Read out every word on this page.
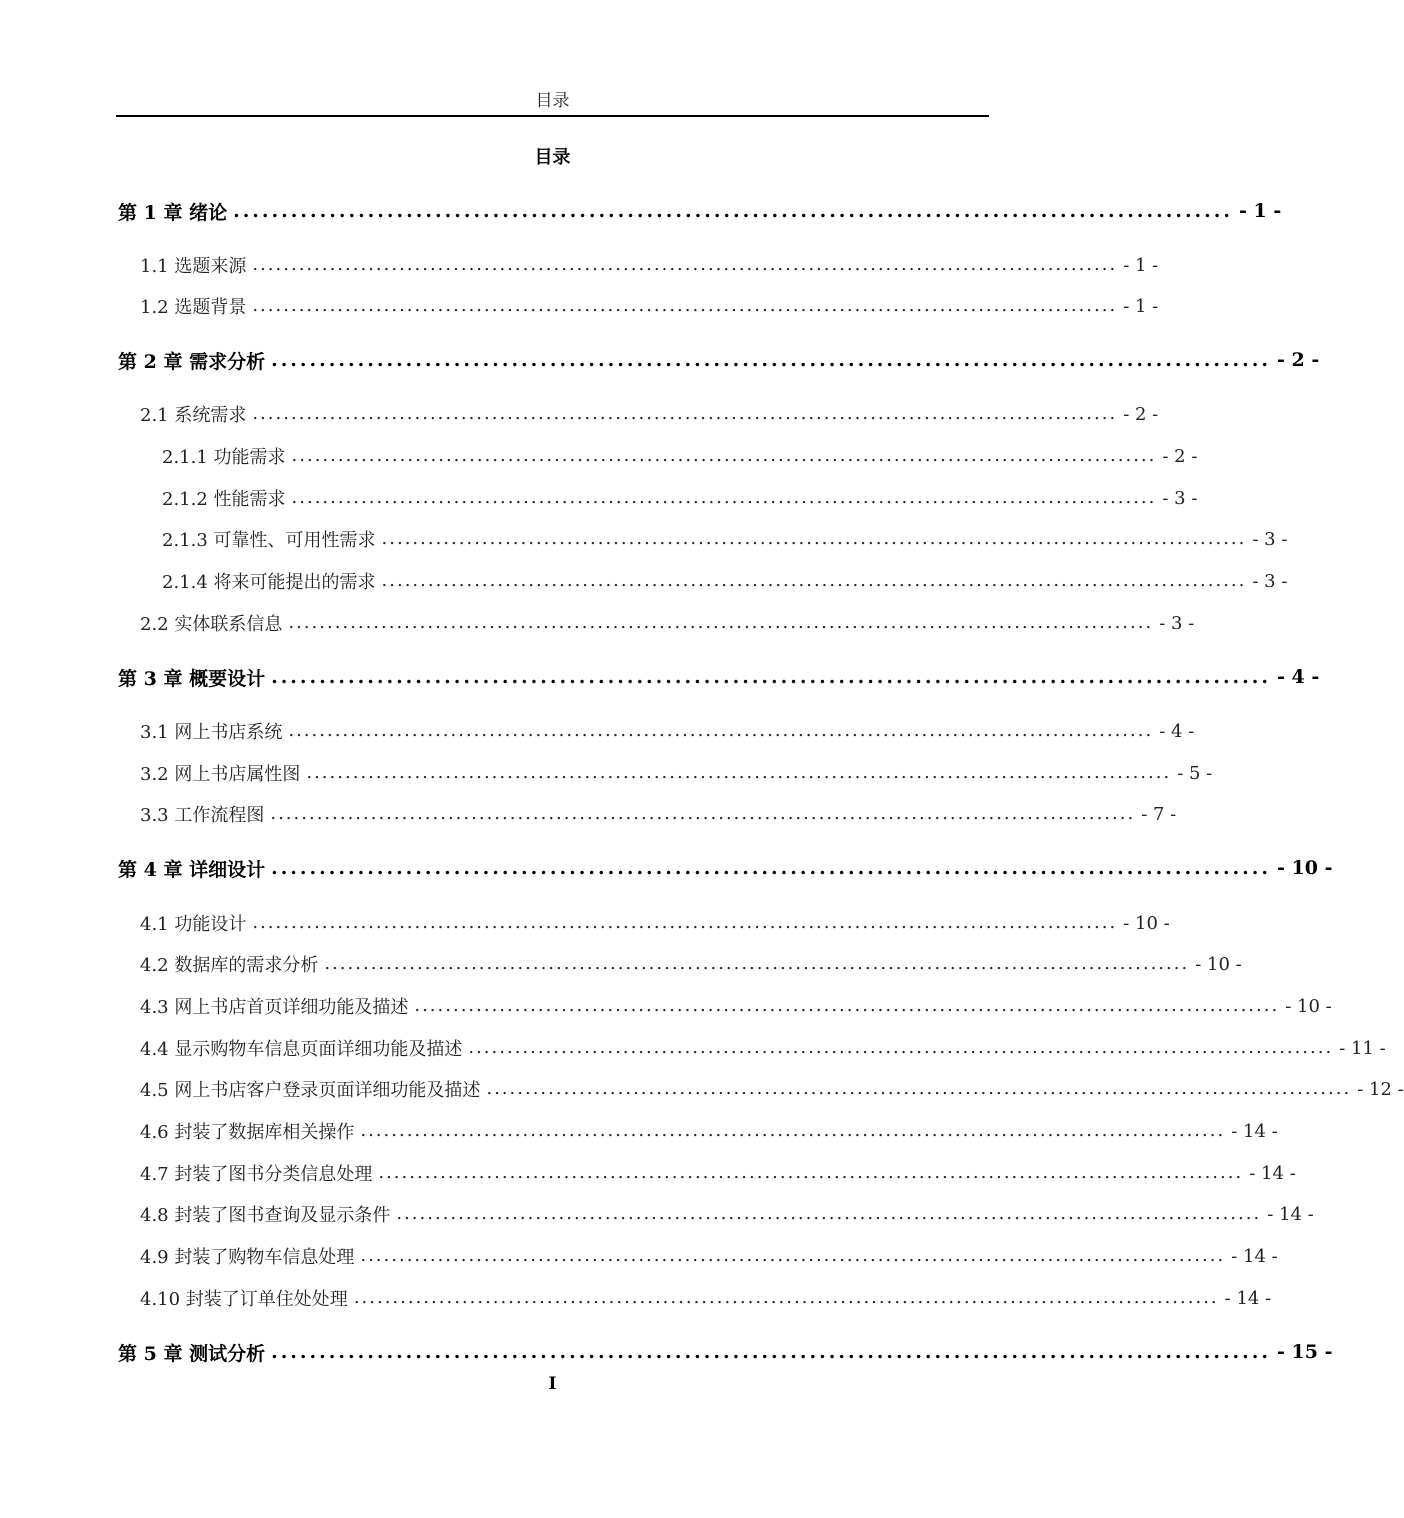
目录
目录
第 1 章 绪论 ........................................................................................................ - 1 -
1.1 选题来源 ................................................................................................................ - 1 -
1.2 选题背景 ................................................................................................................ - 1 -
第 2 章 需求分析 ........................................................................................................ - 2 -
2.1 系统需求 ................................................................................................................ - 2 -
2.1.1 功能需求 ................................................................................................................ - 2 -
2.1.2 性能需求 ................................................................................................................ - 3 -
2.1.3 可靠性、可用性需求 ................................................................................................................ - 3 -
2.1.4 将来可能提出的需求 ................................................................................................................ - 3 -
2.2 实体联系信息 ................................................................................................................ - 3 -
第 3 章 概要设计 ........................................................................................................ - 4 -
3.1 网上书店系统 ................................................................................................................ - 4 -
3.2 网上书店属性图 ................................................................................................................ - 5 -
3.3 工作流程图 ................................................................................................................ - 7 -
第 4 章 详细设计 ........................................................................................................ - 10 -
4.1 功能设计 ................................................................................................................ - 10 -
4.2 数据库的需求分析 ................................................................................................................ - 10 -
4.3 网上书店首页详细功能及描述 ................................................................................................................ - 10 -
4.4 显示购物车信息页面详细功能及描述 ................................................................................................................ - 11 -
4.5 网上书店客户登录页面详细功能及描述 ................................................................................................................ - 12 -
4.6 封装了数据库相关操作 ................................................................................................................ - 14 -
4.7 封装了图书分类信息处理 ................................................................................................................ - 14 -
4.8 封装了图书查询及显示条件 ................................................................................................................ - 14 -
4.9 封装了购物车信息处理 ................................................................................................................ - 14 -
4.10 封装了订单住处处理 ................................................................................................................ - 14 -
第 5 章 测试分析 ........................................................................................................ - 15 -
I
